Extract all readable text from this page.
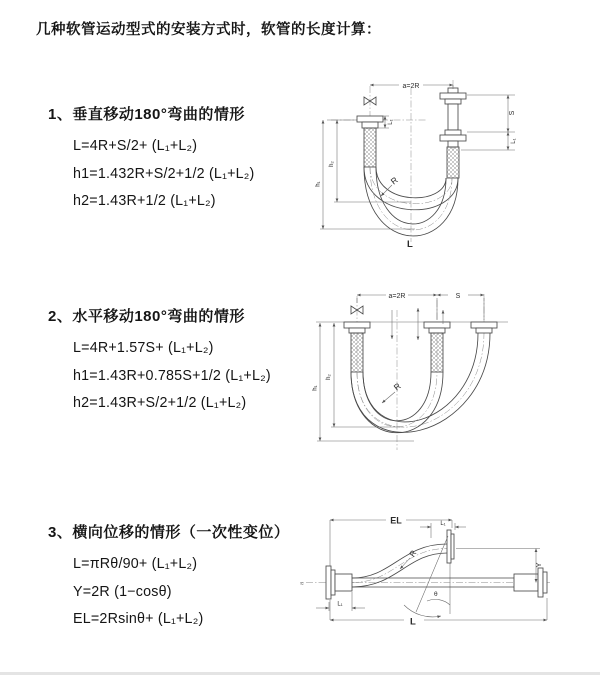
几种软管运动型式的安装方式时，软管的长度计算：
1、垂直移动180°弯曲的情形
L=4R+S/2+ (L₁+L₂)
h1=1.432R+S/2+1/2 (L₁+L₂)
h2=1.43R+1/2 (L₁+L₂)
2、水平移动180°弯曲的情形
L=4R+1.57S+ (L₁+L₂)
h1=1.43R+0.785S+1/2 (L₁+L₂)
h2=1.43R+S/2+1/2 (L₁+L₂)
3、横向位移的情形（一次性变位）
L=πRθ/90+ (L₁+L₂)
Y=2R (1−cosθ)
EL=2Rsinθ+ (L₁+L₂)
a=2R
L₁
S
L₁
h₂
h₁	R
L
a=2R	S
h₂
h₁	R
≈
θ
EL	L₁
Y
R
L
L₁
